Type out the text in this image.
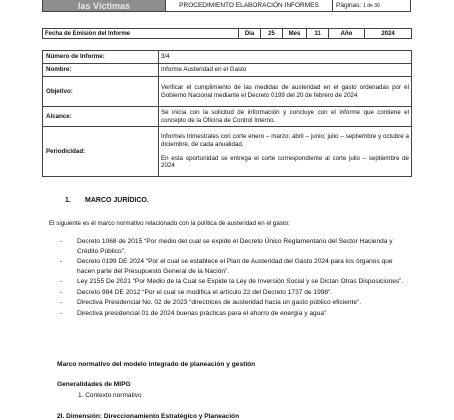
las Víctimas	PROCEDIMIENTO ELABORACIÓN INFORMES	Páginas: 1 de 30
Fecha de Emisión del Informe	Día	25	Mes	11	Año	2024
Número de Informe:	3/4
Nombre:	Informe Austeridad en el Gasto
Objetivo:	Verificar el cumplimiento de las medidas de austeridad en el gasto ordenadas por el Gobierno Nacional mediante el Decreto 0199 del 20 de febrero de 2024
Alcance:	Se inicia con la solicitud de información y concluye con el informe que contiene el concepto de la Oficina de Control Interno.
Periodicidad:	Informes trimestrales con corte enero – marzo; abril – junio; julio – septiembre y octubre a diciembre, de cada anualidad.
En esta oportunidad se entrega el corte correspondiente al corte julio – septiembre de 2024
1. MARCO JURÍDICO.
El siguiente es el marco normativo relacionado con la política de austeridad en el gasto:
- Decreto 1068 de 2015 “Por medio del cual se expide el Decreto Único Reglamentario del Sector Hacienda y Crédito Público”.
- Decreto 0199 DE 2024 “Por el cual se establece el Plan de Austeridad del Gasto 2024 para los órganos que hacen parte del Presupuesto General de la Nación”.
- Ley 2155 De 2021 “Por Medio de la Cual se Expide la Ley de Inversión Social y se Dictan Otras Disposiciones”.
- Decreto 984 DE 2012 “Por el cual se modifica el artículo 22 del Decreto 1737 de 1998”.
- Directiva Presidencial No. 02 de 2023 “directrices de austeridad hacia un gasto público eficiente”.
- Directiva presidencial 01 de 2024 buenas prácticas para el ahorro de energía y agua”
Marco normativo del modelo integrado de planeación y gestión
Generalidades de MIPG
1. Contexto normativo
2I. Dimensión: Direccionamiento Estratégico y Planeación
